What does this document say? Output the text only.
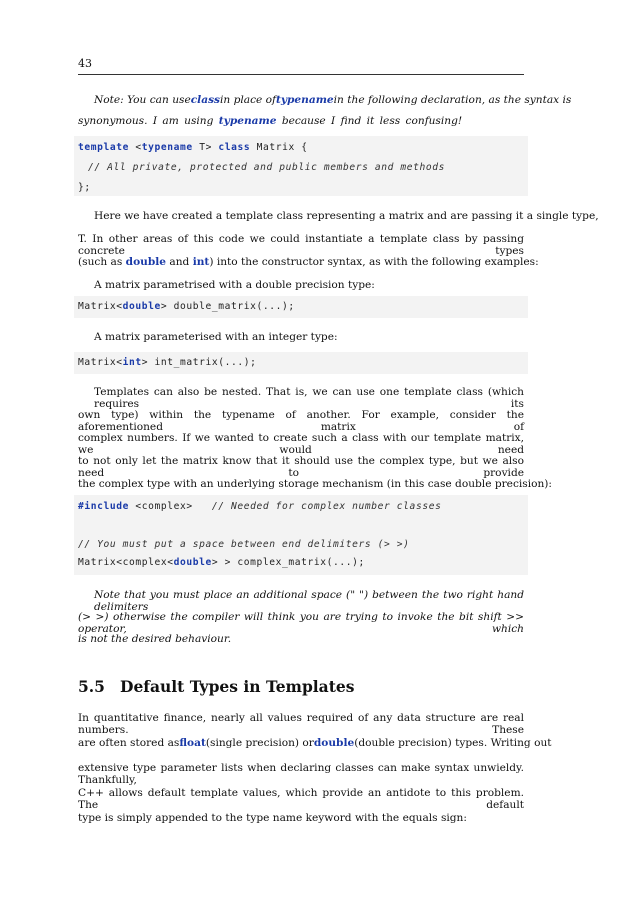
43
Note: You can use class in place of typename in the following declaration, as the syntax is
synonymous. I am using typename because I find it less confusing!
template <typename T> class Matrix {
// All private, protected and public members and methods
};
Here we have created a template class representing a matrix and are passing it a single type,
T. In other areas of this code we could instantiate a template class by passing concrete types
(such as double and int) into the constructor syntax, as with the following examples:
A matrix parametrised with a double precision type:
Matrix<double> double_matrix(...);
A matrix parameterised with an integer type:
Matrix<int> int_matrix(...);
Templates can also be nested. That is, we can use one template class (which requires its
own type) within the typename of another. For example, consider the aforementioned matrix of
complex numbers. If we wanted to create such a class with our template matrix, we would need
to not only let the matrix know that it should use the complex type, but we also need to provide
the complex type with an underlying storage mechanism (in this case double precision):
#include <complex>   // Needed for complex number classes
// You must put a space between end delimiters (> >)
Matrix<complex<double> > complex_matrix(...);
Note that you must place an additional space (" ") between the two right hand delimiters
(> >) otherwise the compiler will think you are trying to invoke the bit shift >> operator, which
is not the desired behaviour.
5.5 Default Types in Templates
In quantitative finance, nearly all values required of any data structure are real numbers. These
are often stored as float (single precision) or double (double precision) types. Writing out
extensive type parameter lists when declaring classes can make syntax unwieldy. Thankfully,
C++ allows default template values, which provide an antidote to this problem. The default
type is simply appended to the type name keyword with the equals sign:
